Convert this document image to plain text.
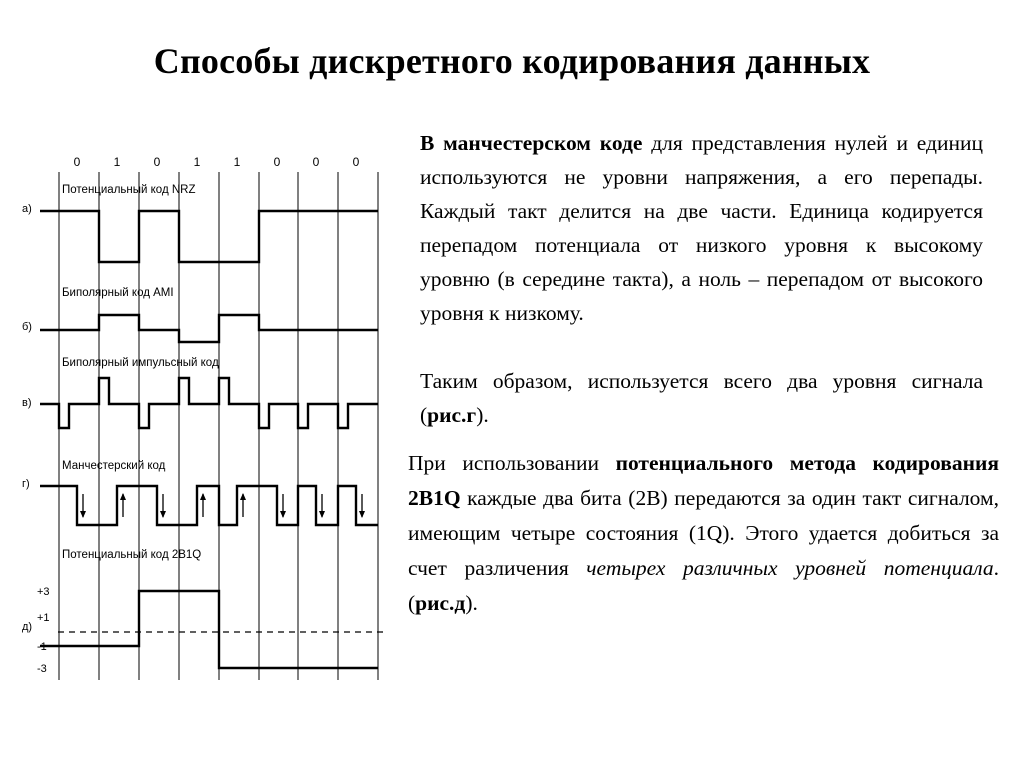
Способы дискретного кодирования данных
0	1	0	1	1	0	0	0
а)
Потенциальный код NRZ
б)
Биполярный код AMI
в)
Биполярный импульсный код
г)
Манчестерский код
д)
Потенциальный код 2B1Q
+3
+1
-1
-3
В манчестерском коде для представления нулей и единиц используются не уровни напряжения, а его перепады. Каждый такт делится на две части. Единица кодируется перепадом потенциала от низкого уровня к высокому уровню (в середине такта), а ноль – перепадом от высокого уровня к низкому.
Таким образом, используется всего два уровня сигнала (рис.г).
При использовании потенциального метода кодирования 2B1Q каждые два бита (2B) передаются за один такт сигналом, имеющим четыре состояния (1Q). Этого удается добиться за счет различения четырех различных уровней потенциала. (рис.д).
